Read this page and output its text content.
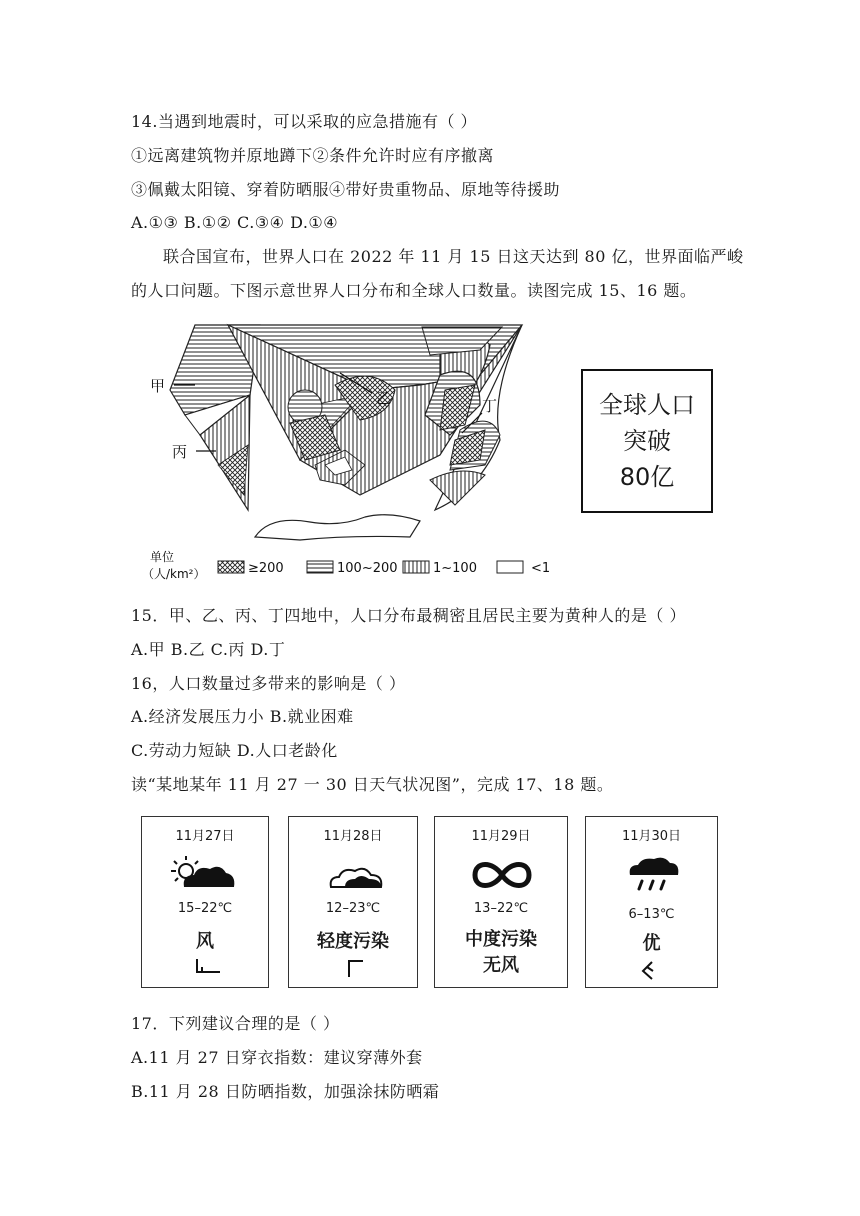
14.当遇到地震时，可以采取的应急措施有（ ）
①远离建筑物并原地蹲下②条件允许时应有序撤离
③佩戴太阳镜、穿着防晒服④带好贵重物品、原地等待援助
A.①③ B.①② C.③④ D.①④
联合国宣布，世界人口在 2022 年 11 月 15 日这天达到 80 亿，世界面临严峻
的人口问题。下图示意世界人口分布和全球人口数量。读图完成 15、16 题。
甲
乙
丙
丁
单位
（人/km²）	≥200	100~200	1~100	<1
全球人口
突破
80亿
15．甲、乙、丙、丁四地中，人口分布最稠密且居民主要为黄种人的是（ ）
A.甲 B.乙 C.丙 D.丁
16，人口数量过多带来的影响是（ ）
A.经济发展压力小 B.就业困难
C.劳动力短缺 D.人口老龄化
读“某地某年 11 月 27 一 30 日天气状况图”，完成 17、18 题。
11月27日
15–22℃
风
11月28日
12–23℃
轻度污染
11月29日
13–22℃
中度污染
无风
11月30日
6–13℃
优
17．下列建议合理的是（ ）
A.11 月 27 日穿衣指数：建议穿薄外套
B.11 月 28 日防晒指数，加强涂抹防晒霜
